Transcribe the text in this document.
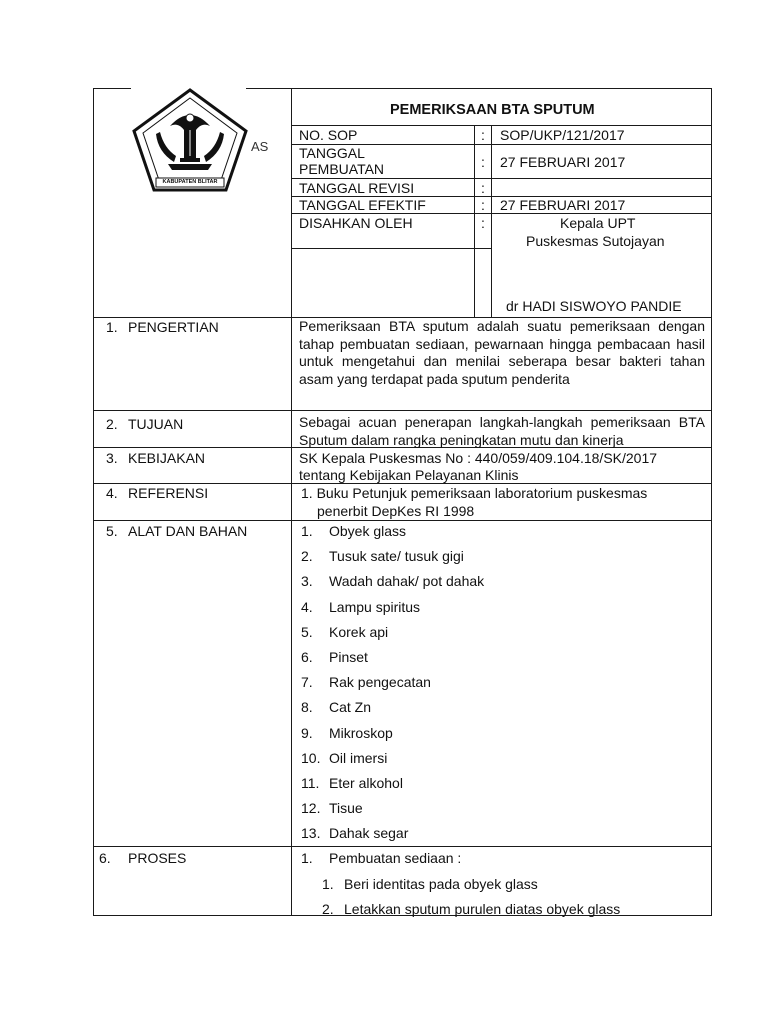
KABUPATEN BLITAR
AS
PEMERIKSAAN BTA SPUTUM
NO. SOP	: SOP/UKP/121/2017
TANGGAL
PEMBUATAN	: 27 FEBRUARI 2017
TANGGAL REVISI	:
TANGGAL EFEKTIF	: 27 FEBRUARI 2017
DISAHKAN OLEH	:	Kepala UPT
Puskesmas Sutojayan
dr HADI SISWOYO PANDIE
1. PENGERTIAN	Pemeriksaan BTA sputum adalah suatu pemeriksaan dengan tahap pembuatan sediaan, pewarnaan hingga pembacaan hasil untuk mengetahui dan menilai seberapa besar bakteri tahan asam yang terdapat pada sputum penderita
2. TUJUAN	Sebagai acuan penerapan langkah-langkah pemeriksaan BTA Sputum dalam rangka peningkatan mutu dan kinerja
3. KEBIJAKAN	SK Kepala Puskesmas No : 440/059/409.104.18/SK/2017
tentang Kebijakan Pelayanan Klinis
4. REFERENSI	1. Buku Petunjuk pemeriksaan laboratorium puskesmas
penerbit DepKes RI 1998
5. ALAT DAN BAHAN	1. Obyek glass
2. Tusuk sate/ tusuk gigi
3. Wadah dahak/ pot dahak
4. Lampu spiritus
5. Korek api
6. Pinset
7. Rak pengecatan
8. Cat Zn
9. Mikroskop
10. Oil imersi
11. Eter alkohol
12. Tisue
13. Dahak segar
6. PROSES	1. Pembuatan sediaan :
1. Beri identitas pada obyek glass
2. Letakkan sputum purulen diatas obyek glass
